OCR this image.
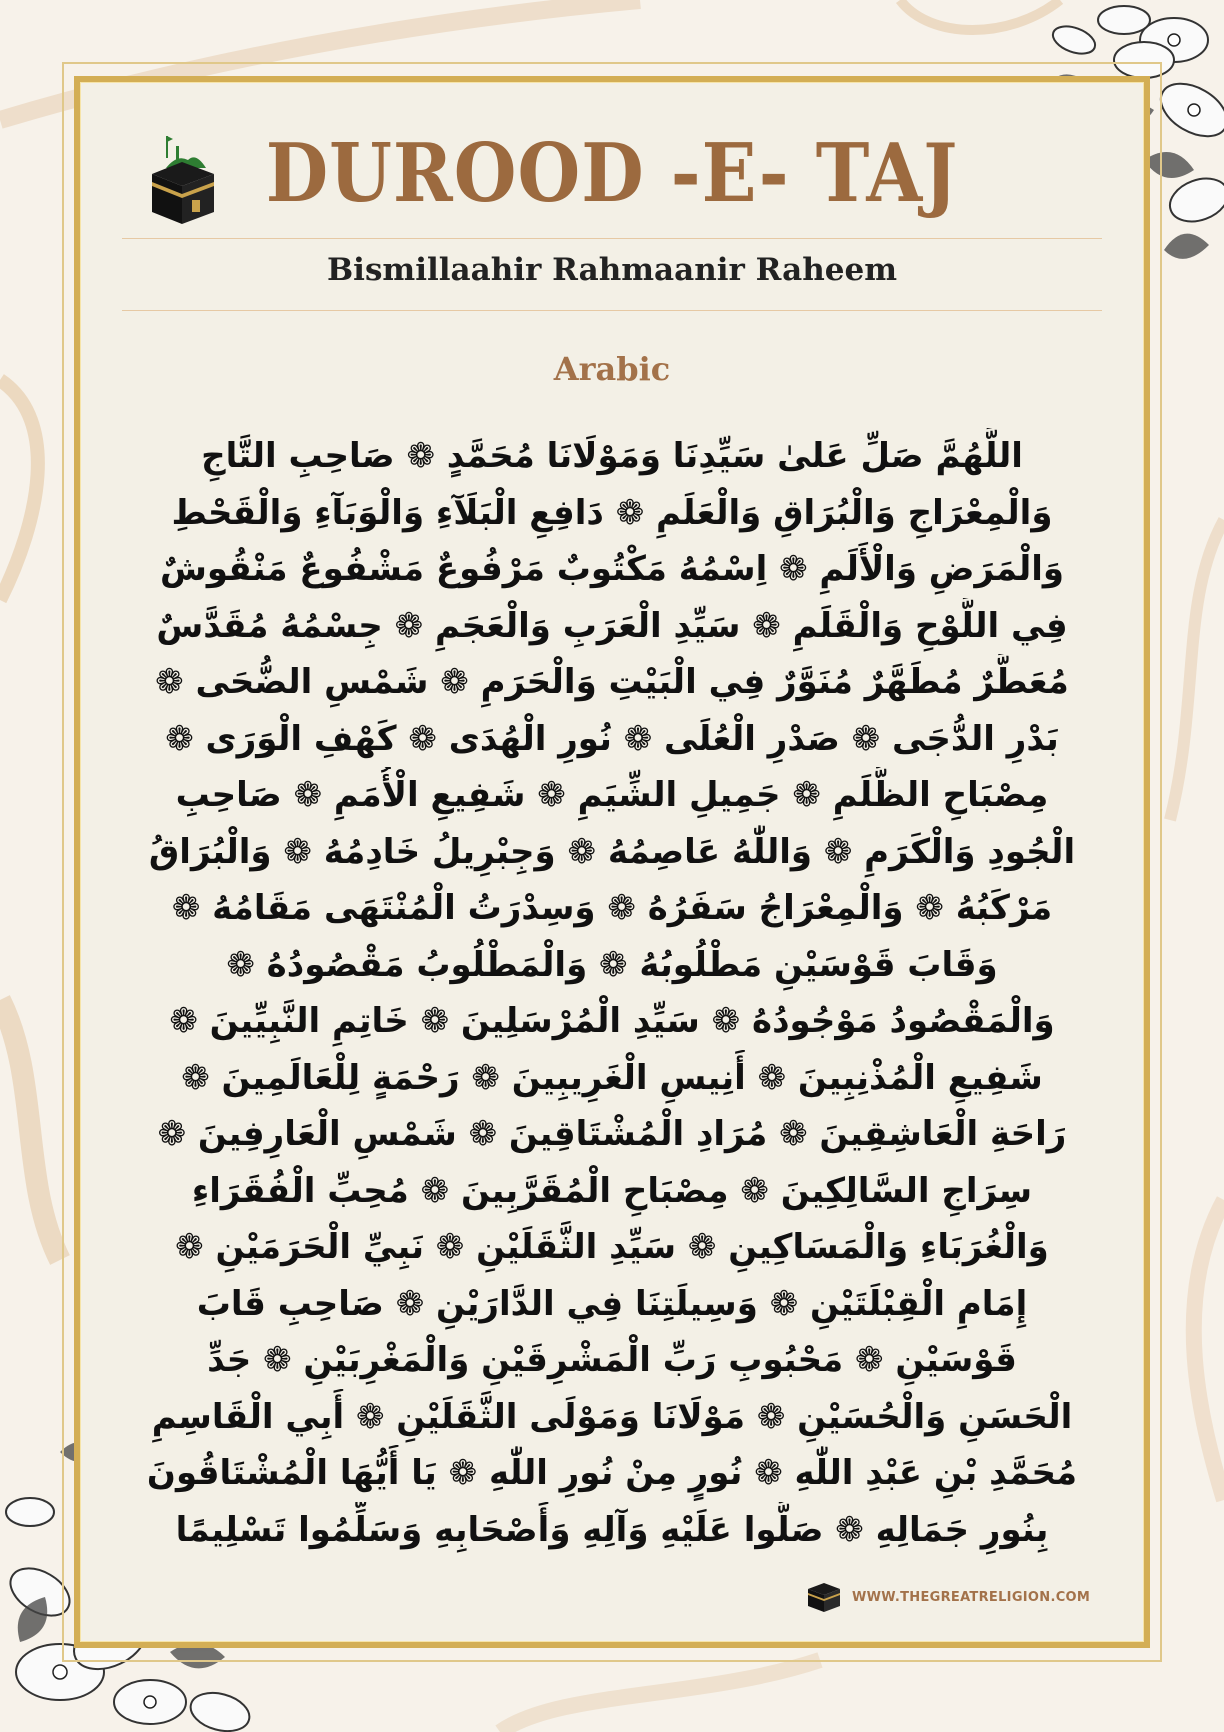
DUROOD -E- TAJ
Bismillaahir Rahmaanir Raheem
Arabic
اللَّهُمَّ صَلِّ عَلىٰ سَيِّدِنَا وَمَوْلَانَا مُحَمَّدٍ ❁ صَاحِبِ التَّاجِ
وَالْمِعْرَاجِ وَالْبُرَاقِ وَالْعَلَمِ ❁ دَافِعِ الْبَلَآءِ وَالْوَبَآءِ وَالْقَحْطِ
وَالْمَرَضِ وَالْأَلَمِ ❁ اِسْمُهُ مَكْتُوبٌ مَرْفُوعٌ مَشْفُوعٌ مَنْقُوشٌ
فِي اللَّوْحِ وَالْقَلَمِ ❁ سَيِّدِ الْعَرَبِ وَالْعَجَمِ ❁ جِسْمُهُ مُقَدَّسٌ
مُعَطَّرٌ مُطَهَّرٌ مُنَوَّرٌ فِي الْبَيْتِ وَالْحَرَمِ ❁ شَمْسِ الضُّحَى ❁
بَدْرِ الدُّجَى ❁ صَدْرِ الْعُلَى ❁ نُورِ الْهُدَى ❁ كَهْفِ الْوَرَى ❁
مِصْبَاحِ الظُّلَمِ ❁ جَمِيلِ الشِّيَمِ ❁ شَفِيعِ الْأُمَمِ ❁ صَاحِبِ
الْجُودِ وَالْكَرَمِ ❁ وَاللّٰهُ عَاصِمُهُ ❁ وَجِبْرِيلُ خَادِمُهُ ❁ وَالْبُرَاقُ
مَرْكَبُهُ ❁ وَالْمِعْرَاجُ سَفَرُهُ ❁ وَسِدْرَتُ الْمُنْتَهَى مَقَامُهُ ❁
وَقَابَ قَوْسَيْنِ مَطْلُوبُهُ ❁ وَالْمَطْلُوبُ مَقْصُودُهُ ❁
وَالْمَقْصُودُ مَوْجُودُهُ ❁ سَيِّدِ الْمُرْسَلِينَ ❁ خَاتِمِ النَّبِيِّينَ ❁
شَفِيعِ الْمُذْنِبِينَ ❁ أَنِيسِ الْغَرِيبِينَ ❁ رَحْمَةٍ لِلْعَالَمِينَ ❁
رَاحَةِ الْعَاشِقِينَ ❁ مُرَادِ الْمُشْتَاقِينَ ❁ شَمْسِ الْعَارِفِينَ ❁
سِرَاجِ السَّالِكِينَ ❁ مِصْبَاحِ الْمُقَرَّبِينَ ❁ مُحِبِّ الْفُقَرَاءِ
وَالْغُرَبَاءِ وَالْمَسَاكِينِ ❁ سَيِّدِ الثَّقَلَيْنِ ❁ نَبِيِّ الْحَرَمَيْنِ ❁
إِمَامِ الْقِبْلَتَيْنِ ❁ وَسِيلَتِنَا فِي الدَّارَيْنِ ❁ صَاحِبِ قَابَ
قَوْسَيْنِ ❁ مَحْبُوبِ رَبِّ الْمَشْرِقَيْنِ وَالْمَغْرِبَيْنِ ❁ جَدِّ
الْحَسَنِ وَالْحُسَيْنِ ❁ مَوْلَانَا وَمَوْلَى الثَّقَلَيْنِ ❁ أَبِي الْقَاسِمِ
مُحَمَّدِ بْنِ عَبْدِ اللّٰهِ ❁ نُورٍ مِنْ نُورِ اللّٰهِ ❁ يَا أَيُّهَا الْمُشْتَاقُونَ
بِنُورِ جَمَالِهِ ❁ صَلُّوا عَلَيْهِ وَآلِهِ وَأَصْحَابِهِ وَسَلِّمُوا تَسْلِيمًا
WWW.THEGREATRELIGION.COM
